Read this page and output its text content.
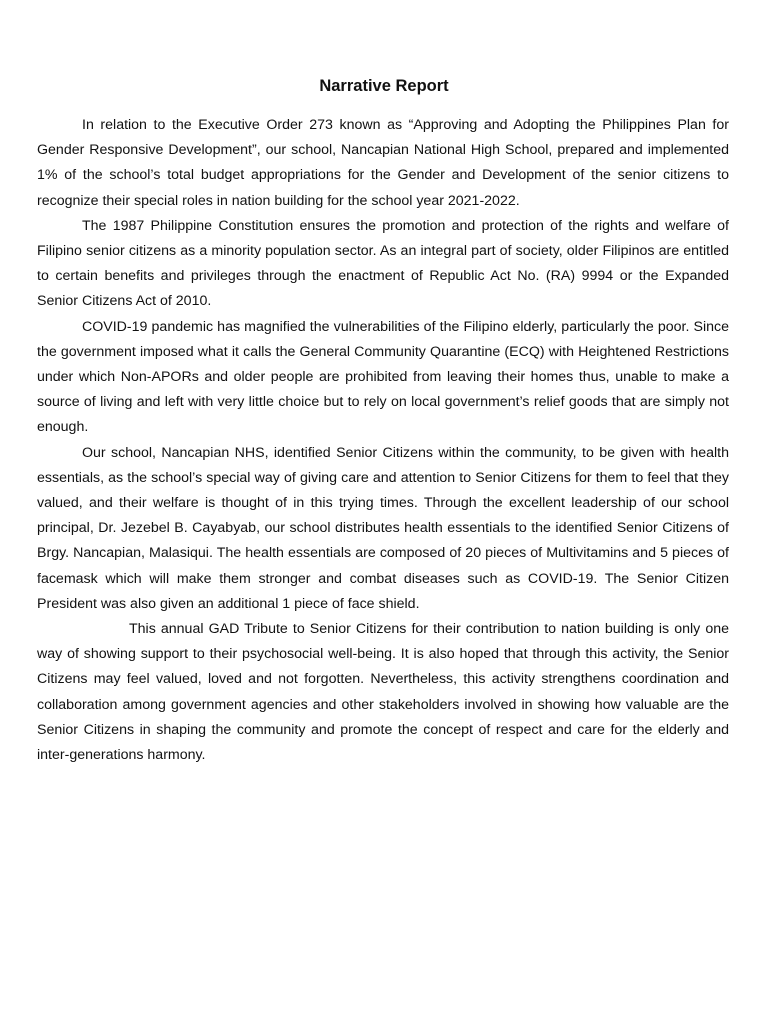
Narrative Report

In relation to the Executive Order 273 known as “Approving and Adopting the Philippines Plan for Gender Responsive Development”, our school, Nancapian National High School, prepared and implemented 1% of the school’s total budget appropriations for the Gender and Development of the senior citizens to recognize their special roles in nation building for the school year 2021-2022.

The 1987 Philippine Constitution ensures the promotion and protection of the rights and welfare of Filipino senior citizens as a minority population sector. As an integral part of society, older Filipinos are entitled to certain benefits and privileges through the enactment of Republic Act No. (RA) 9994 or the Expanded Senior Citizens Act of 2010.

COVID-19 pandemic has magnified the vulnerabilities of the Filipino elderly, particularly the poor. Since the government imposed what it calls the General Community Quarantine (ECQ) with Heightened Restrictions under which Non-APORs and older people are prohibited from leaving their homes thus, unable to make a source of living and left with very little choice but to rely on local government’s relief goods that are simply not enough.

Our school, Nancapian NHS, identified Senior Citizens within the community, to be given with health essentials, as the school’s special way of giving care and attention to Senior Citizens for them to feel that they valued, and their welfare is thought of in this trying times. Through the excellent leadership of our school principal, Dr. Jezebel B. Cayabyab, our school distributes health essentials to the identified Senior Citizens of Brgy. Nancapian, Malasiqui. The health essentials are composed of 20 pieces of Multivitamins and 5 pieces of facemask which will make them stronger and combat diseases such as COVID-19. The Senior Citizen President was also given an additional 1 piece of face shield.

This annual GAD Tribute to Senior Citizens for their contribution to nation building is only one way of showing support to their psychosocial well-being. It is also hoped that through this activity, the Senior Citizens may feel valued, loved and not forgotten. Nevertheless, this activity strengthens coordination and collaboration among government agencies and other stakeholders involved in showing how valuable are the Senior Citizens in shaping the community and promote the concept of respect and care for the elderly and inter-generations harmony.
